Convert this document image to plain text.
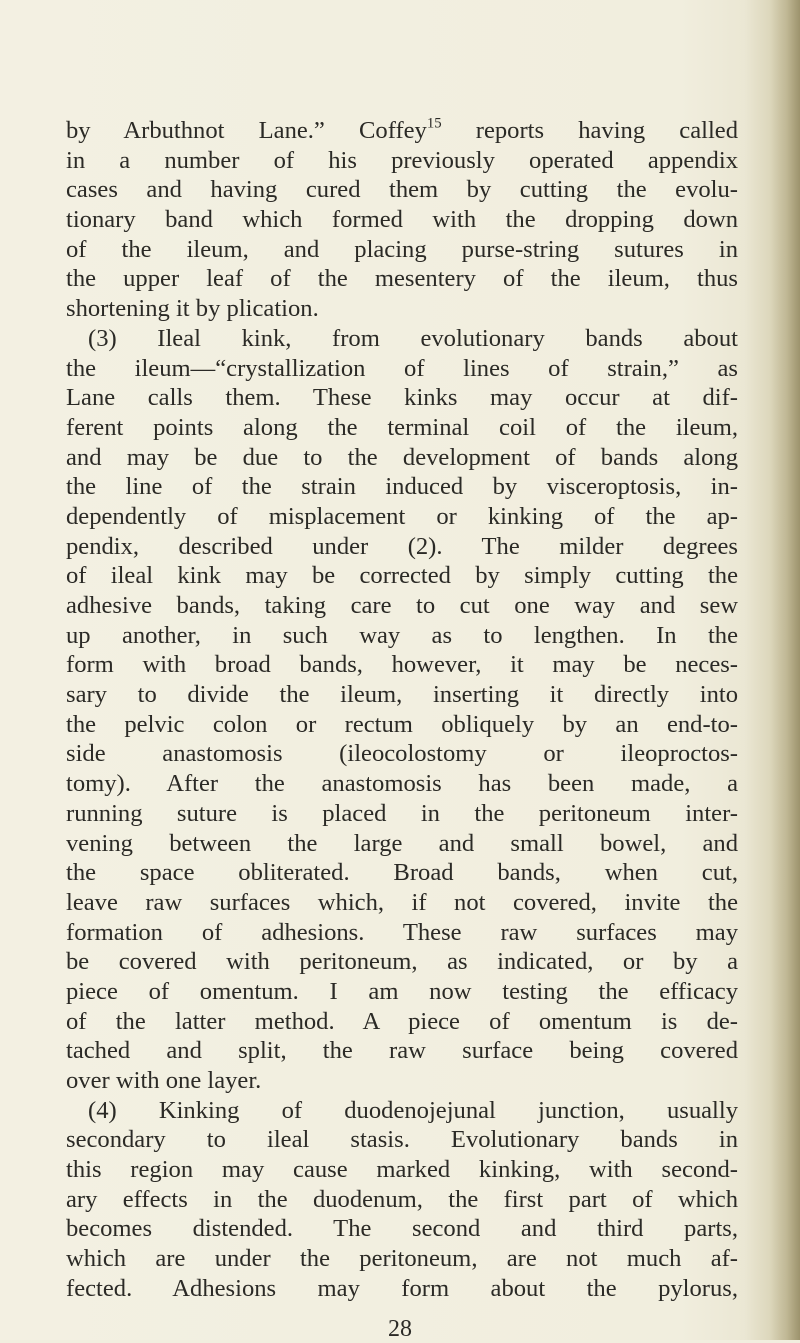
by Arbuthnot Lane.” Coffey$^{15}$ reports having called
in a number of his previously operated appendix
cases and having cured them by cutting the evolu-
tionary band which formed with the dropping down
of the ileum, and placing purse-string sutures in
the upper leaf of the mesentery of the ileum, thus
shortening it by plication.
(3) Ileal kink, from evolutionary bands about
the ileum—“crystallization of lines of strain,” as
Lane calls them. These kinks may occur at dif-
ferent points along the terminal coil of the ileum,
and may be due to the development of bands along
the line of the strain induced by visceroptosis, in-
dependently of misplacement or kinking of the ap-
pendix, described under (2). The milder degrees
of ileal kink may be corrected by simply cutting the
adhesive bands, taking care to cut one way and sew
up another, in such way as to lengthen. In the
form with broad bands, however, it may be neces-
sary to divide the ileum, inserting it directly into
the pelvic colon or rectum obliquely by an end-to-
side anastomosis (ileocolostomy or ileoproctos-
tomy). After the anastomosis has been made, a
running suture is placed in the peritoneum inter-
vening between the large and small bowel, and
the space obliterated. Broad bands, when cut,
leave raw surfaces which, if not covered, invite the
formation of adhesions. These raw surfaces may
be covered with peritoneum, as indicated, or by a
piece of omentum. I am now testing the efficacy
of the latter method. A piece of omentum is de-
tached and split, the raw surface being covered
over with one layer.
(4) Kinking of duodenojejunal junction, usually
secondary to ileal stasis. Evolutionary bands in
this region may cause marked kinking, with second-
ary effects in the duodenum, the first part of which
becomes distended. The second and third parts,
which are under the peritoneum, are not much af-
fected. Adhesions may form about the pylorus,
28
